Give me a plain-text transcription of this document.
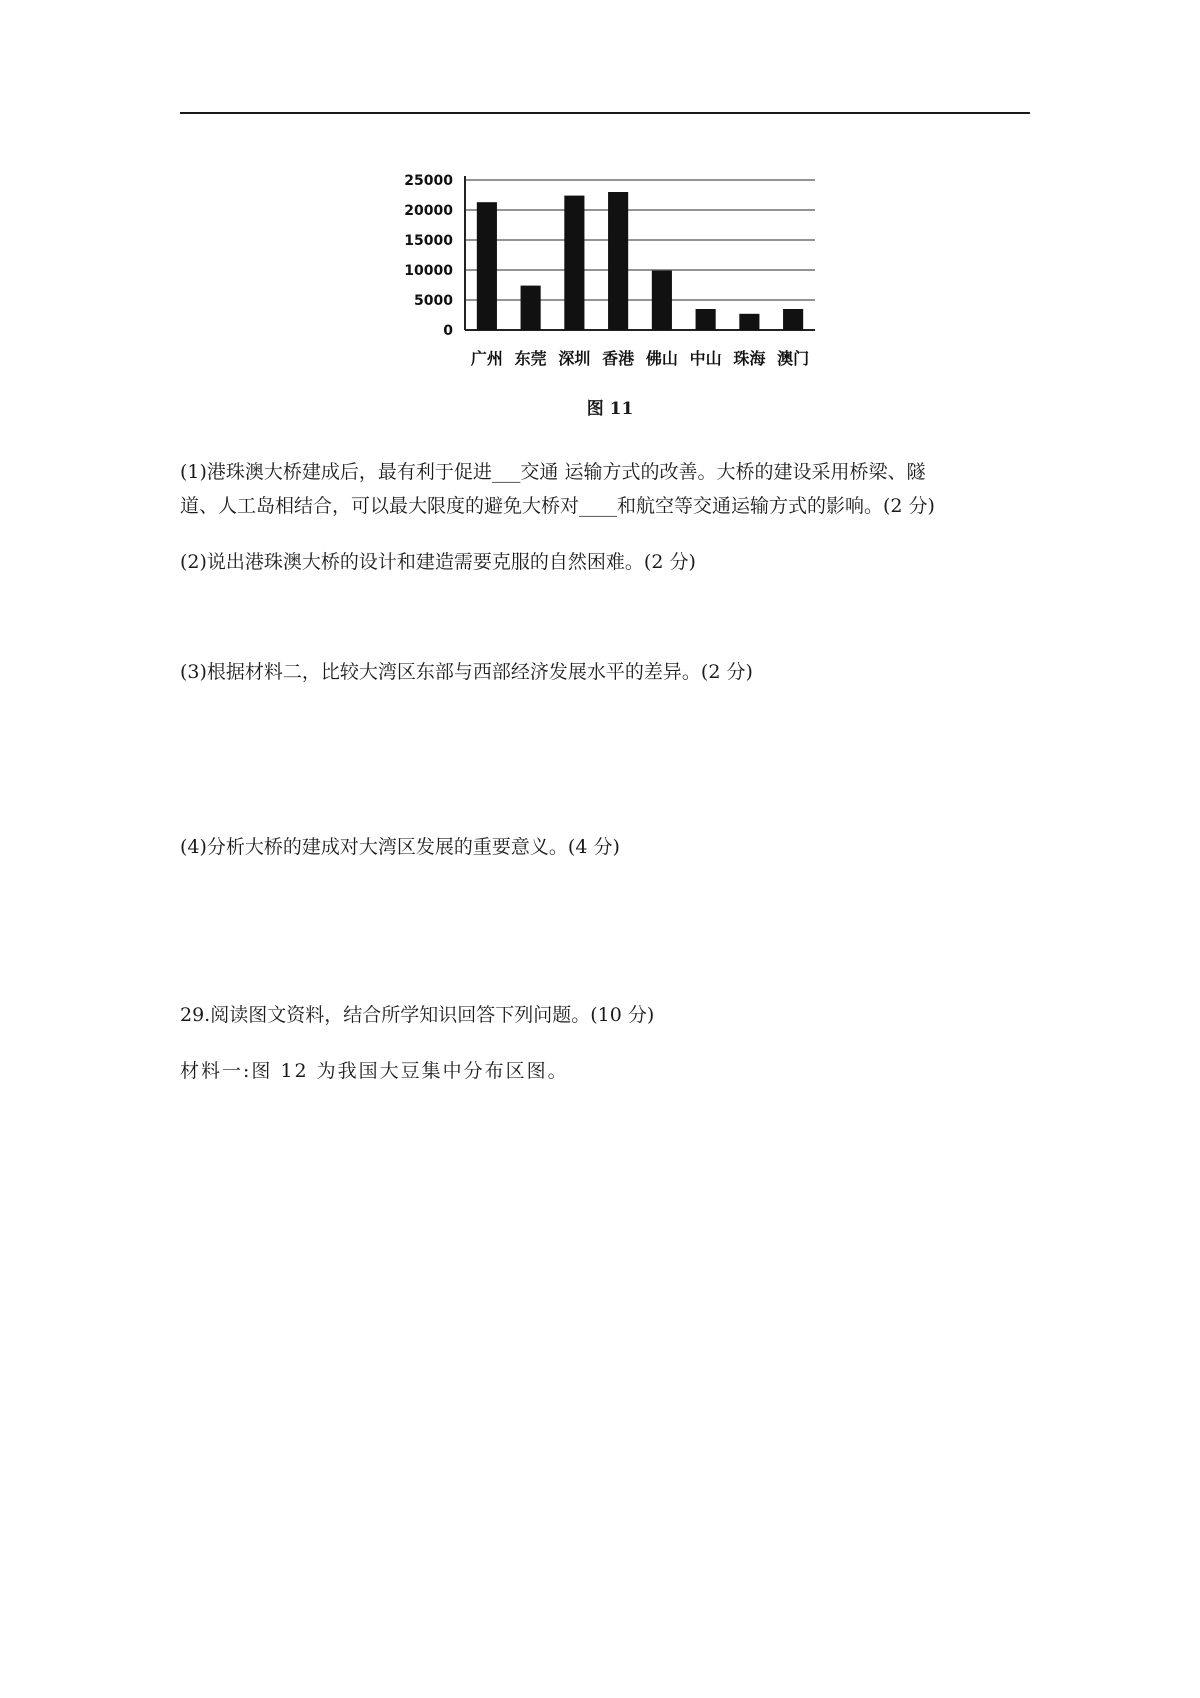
0
5000
10000
15000
20000
25000
广州 东莞 深圳 香港 佛山 中山 珠海 澳门
图 11

(1)港珠澳大桥建成后，最有利于促进___交通 运输方式的改善。大桥的建设采用桥梁、隧
道、人工岛相结合，可以最大限度的避免大桥对____和航空等交通运输方式的影响。(2 分)

(2)说出港珠澳大桥的设计和建造需要克服的自然困难。(2 分)

(3)根据材料二，比较大湾区东部与西部经济发展水平的差异。(2 分)

(4)分析大桥的建成对大湾区发展的重要意义。(4 分)

29.阅读图文资料，结合所学知识回答下列问题。(10 分)

材料一:图 12 为我国大豆集中分布区图。
